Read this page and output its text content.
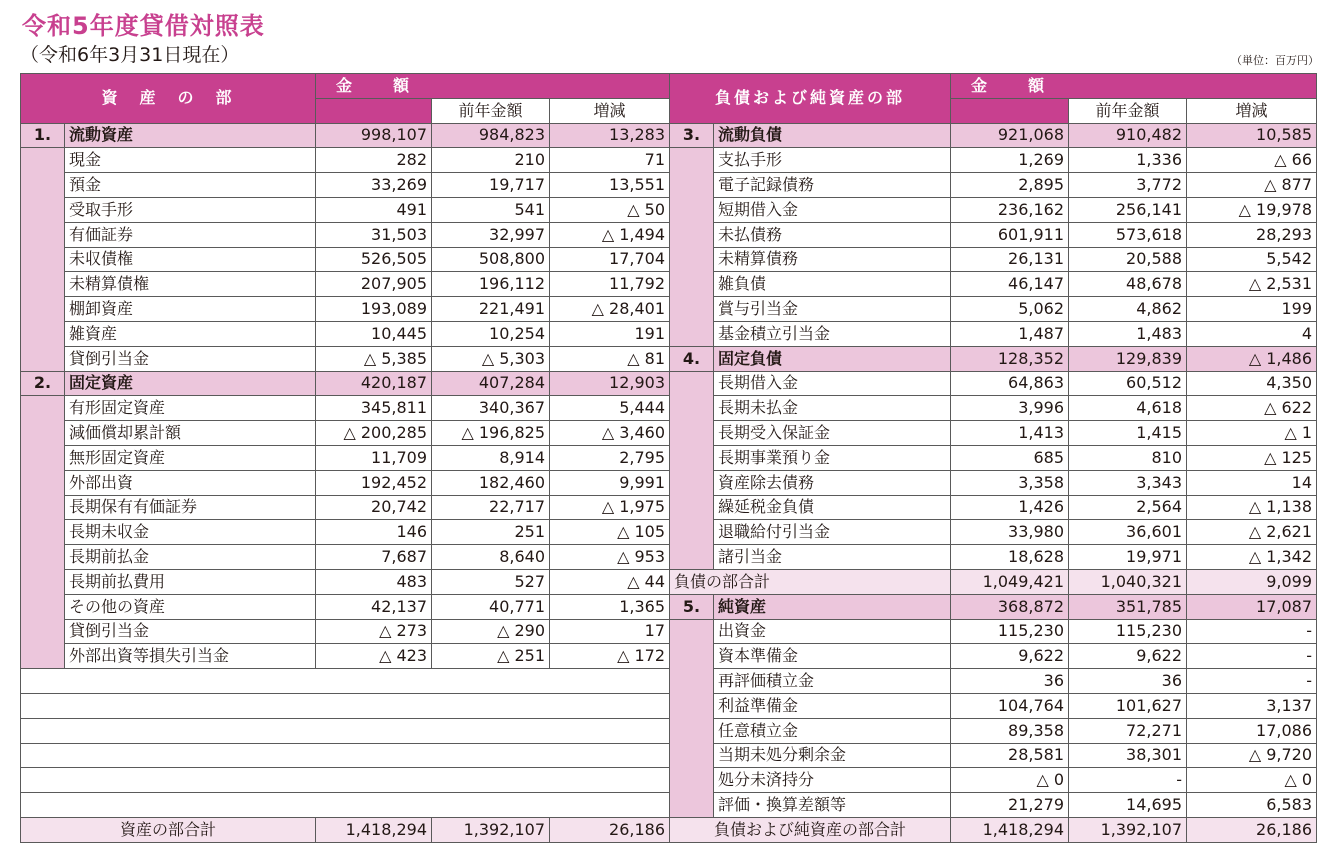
令和5年度貸借対照表
（令和6年3月31日現在）	（単位：百万円）
資　産　の　部		金　　額			負債および純資産の部		金　　額		
			前年金額	増減				前年金額	増減
1.	流動資産	998,107	984,823	13,283	3.	流動負債	921,068	910,482	10,585
	現金	282	210	71		支払手形	1,269	1,336	△ 66
	預金	33,269	19,717	13,551		電子記録債務	2,895	3,772	△ 877
	受取手形	491	541	△ 50		短期借入金	236,162	256,141	△ 19,978
	有価証券	31,503	32,997	△ 1,494		未払債務	601,911	573,618	28,293
	未収債権	526,505	508,800	17,704		未精算債務	26,131	20,588	5,542
	未精算債権	207,905	196,112	11,792		雑負債	46,147	48,678	△ 2,531
	棚卸資産	193,089	221,491	△ 28,401		賞与引当金	5,062	4,862	199
	雑資産	10,445	10,254	191		基金積立引当金	1,487	1,483	4
	貸倒引当金	△ 5,385	△ 5,303	△ 81	4.	固定負債	128,352	129,839	△ 1,486
2.	固定資産	420,187	407,284	12,903		長期借入金	64,863	60,512	4,350
	有形固定資産	345,811	340,367	5,444		長期未払金	3,996	4,618	△ 622
	減価償却累計額	△ 200,285	△ 196,825	△ 3,460		長期受入保証金	1,413	1,415	△ 1
	無形固定資産	11,709	8,914	2,795		長期事業預り金	685	810	△ 125
	外部出資	192,452	182,460	9,991		資産除去債務	3,358	3,343	14
	長期保有有価証券	20,742	22,717	△ 1,975		繰延税金負債	1,426	2,564	△ 1,138
	長期未収金	146	251	△ 105		退職給付引当金	33,980	36,601	△ 2,621
	長期前払金	7,687	8,640	△ 953		諸引当金	18,628	19,971	△ 1,342
	長期前払費用	483	527	△ 44	負債の部合計		1,049,421	1,040,321	9,099
	その他の資産	42,137	40,771	1,365	5.	純資産	368,872	351,785	17,087
	貸倒引当金	△ 273	△ 290	17		出資金	115,230	115,230	-
	外部出資等損失引当金	△ 423	△ 251	△ 172		資本準備金	9,622	9,622	-
						再評価積立金	36	36	-
						利益準備金	104,764	101,627	3,137
						任意積立金	89,358	72,271	17,086
						当期未処分剰余金	28,581	38,301	△ 9,720
						処分未済持分	△ 0	-	△ 0
						評価・換算差額等	21,279	14,695	6,583
資産の部合計		1,418,294	1,392,107	26,186	負債および純資産の部合計		1,418,294	1,392,107	26,186
